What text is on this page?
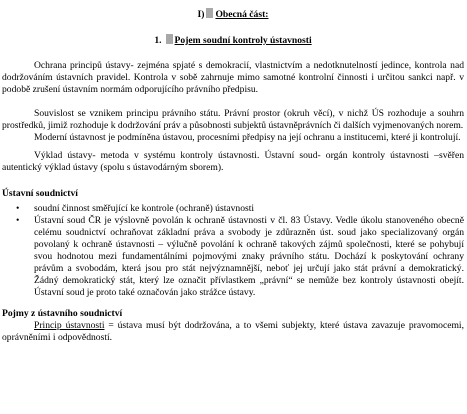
I) Obecná část:
1. Pojem soudní kontroly ústavnosti

Ochrana principů ústavy- zejména spjaté s demokracií, vlastnictvím a nedotknutelností jedince, kontrola nad dodržováním ústavních pravidel. Kontrola v sobě zahrnuje mimo samotné kontrolní činnosti i určitou sankci např. v podobě zrušení ústavním normám odporujícího právního předpisu.

Souvislost se vznikem principu právního státu. Právní prostor (okruh věcí), v nichž ÚS rozhoduje a souhrn prostředků, jimiž rozhoduje k dodržování práv a působnosti subjektů ústavněprávních či dalších vyjmenovaných norem.

Moderní ústavnost je podmíněna ústavou, procesními předpisy na její ochranu a institucemi, které ji kontrolují.

Výklad ústavy- metoda v systému kontroly ústavnosti. Ústavní soud- orgán kontroly ústavnosti –svěřen autentický výklad ústavy (spolu s ústavodárným sborem).

Ústavní soudnictví
• soudní činnost směřující ke kontrole (ochraně) ústavnosti
• Ústavní soud ČR je výslovně povolán k ochraně ústavnosti v čl. 83 Ústavy. Vedle úkolu stanoveného obecně celému soudnictví ochraňovat základní práva a svobody je zdůrazněn úst. soud jako specializovaný orgán povolaný k ochraně ústavnosti – výlučně povolání k ochraně takových zájmů společnosti, které se pohybují svou hodnotou mezi fundamentálními pojmovými znaky právního státu. Dochází k poskytování ochrany právům a svobodám, která jsou pro stát nejvýznamnější, neboť jej určují jako stát právní a demokratický. Žádný demokratický stát, který lze označit přívlastkem „právní“ se nemůže bez kontroly ústavnosti obejít. Ústavní soud je proto také označován jako strážce ústavy.
Pojmy z ústavního soudnictví

Princip ústavnosti = ústava musí být dodržována, a to všemi subjekty, které ústava zavazuje pravomocemi, oprávněními i odpovědností.
